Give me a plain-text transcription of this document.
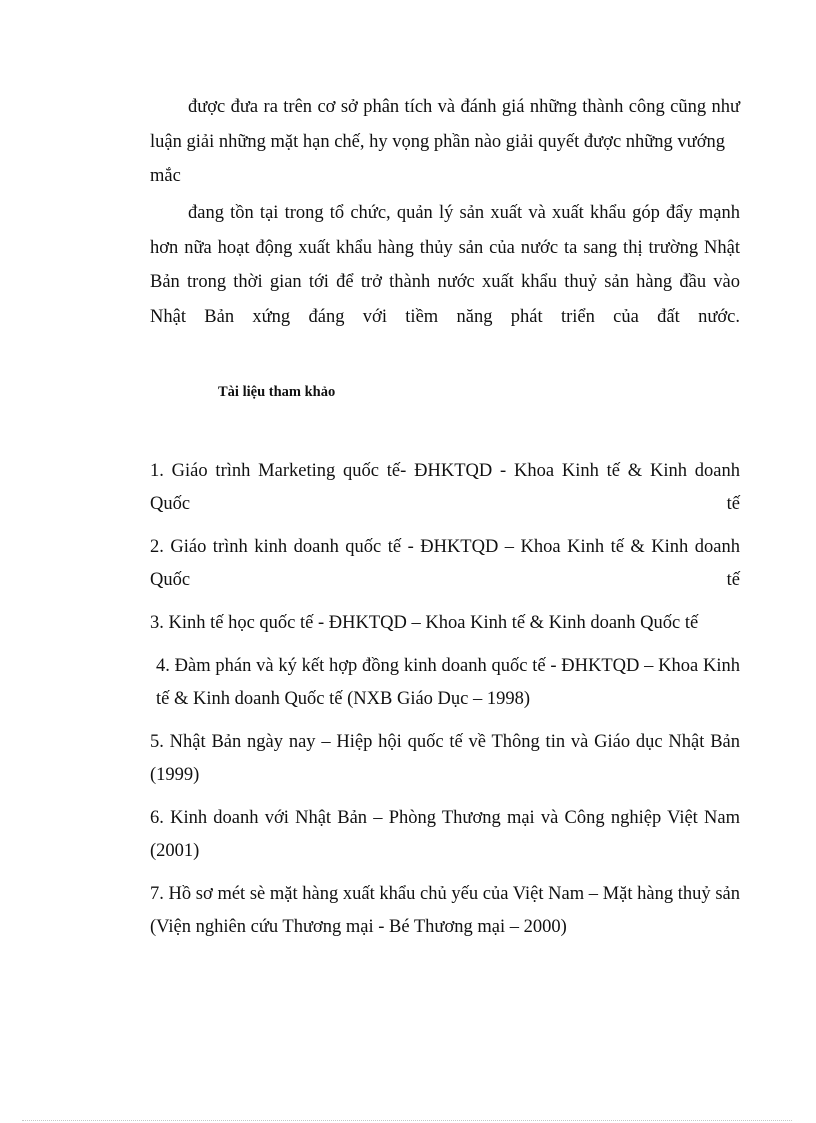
được đưa ra trên cơ sở phân tích và đánh giá những thành công cũng như luận giải những mặt hạn chế, hy vọng phần nào giải quyết được những vướng

mắc

đang tồn tại trong tổ chức, quản lý sản xuất và xuất khẩu góp đẩy mạnh hơn nữa hoạt động xuất khẩu hàng thủy sản của nước ta sang thị trường Nhật Bản trong thời gian tới để trở thành nước xuất khẩu thuỷ sản hàng đầu vào Nhật Bản xứng đáng với tiềm năng phát triển của đất nước.

Tài liệu tham khảo
1. Giáo trình Marketing quốc tế- ĐHKTQD - Khoa Kinh tế & Kinh doanh Quốc tế
2. Giáo trình kinh doanh quốc tế - ĐHKTQD – Khoa Kinh tế & Kinh doanh Quốc tế
3. Kinh tế học quốc tế - ĐHKTQD – Khoa Kinh tế & Kinh doanh Quốc tế
4. Đàm phán và ký kết hợp đồng kinh doanh quốc tế - ĐHKTQD – Khoa Kinh tế & Kinh doanh Quốc tế (NXB Giáo Dục – 1998)
5. Nhật Bản ngày nay – Hiệp hội quốc tế về Thông tin và Giáo dục Nhật Bản (1999)
6. Kinh doanh với Nhật Bản – Phòng Thương mại và Công nghiệp Việt Nam (2001)
7. Hồ sơ mét sè mặt hàng xuất khẩu chủ yếu của Việt Nam – Mặt hàng thuỷ sản (Viện nghiên cứu Thương mại - Bé Thương mại – 2000)
